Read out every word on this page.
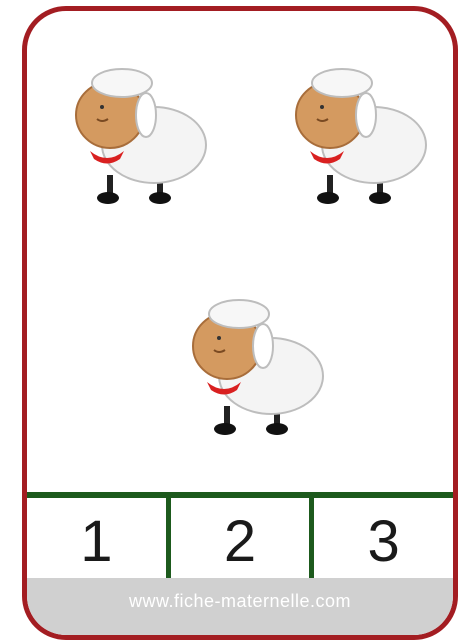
1	2	3
www.fiche-maternelle.com
